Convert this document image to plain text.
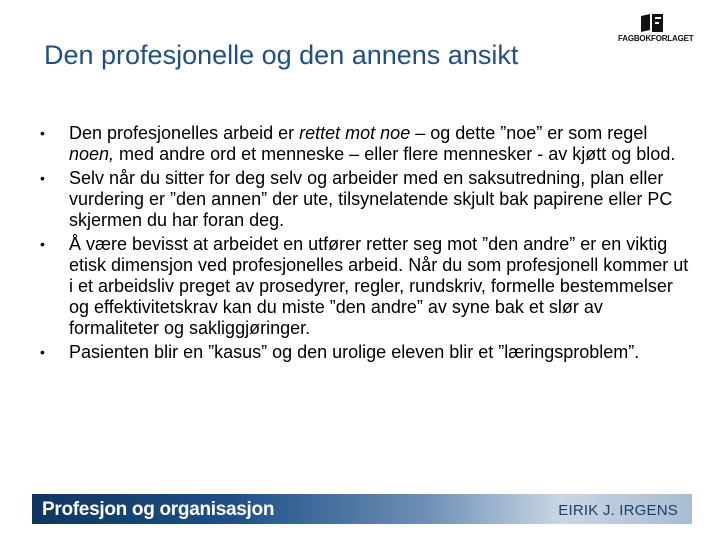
FAGBOKFORLAGET
Den profesjonelle og den annens ansikt
• Den profesjonelles arbeid er rettet mot noe – og dette ”noe” er som regel noen, med andre ord et menneske – eller flere mennesker - av kjøtt og blod.
• Selv når du sitter for deg selv og arbeider med en saksutredning, plan eller vurdering er ”den annen” der ute, tilsynelatende skjult bak papirene eller PC skjermen du har foran deg.
• Å være bevisst at arbeidet en utfører retter seg mot ”den andre” er en viktig etisk dimensjon ved profesjonelles arbeid. Når du som profesjonell kommer ut i et arbeidsliv preget av prosedyrer, regler, rundskriv, formelle bestemmelser og effektivitetskrav kan du miste ”den andre” av syne bak et slør av formaliteter og sakliggjøringer.
• Pasienten blir en ”kasus” og den urolige eleven blir et ”læringsproblem”.
Profesjon og organisasjon	EIRIK J. IRGENS
